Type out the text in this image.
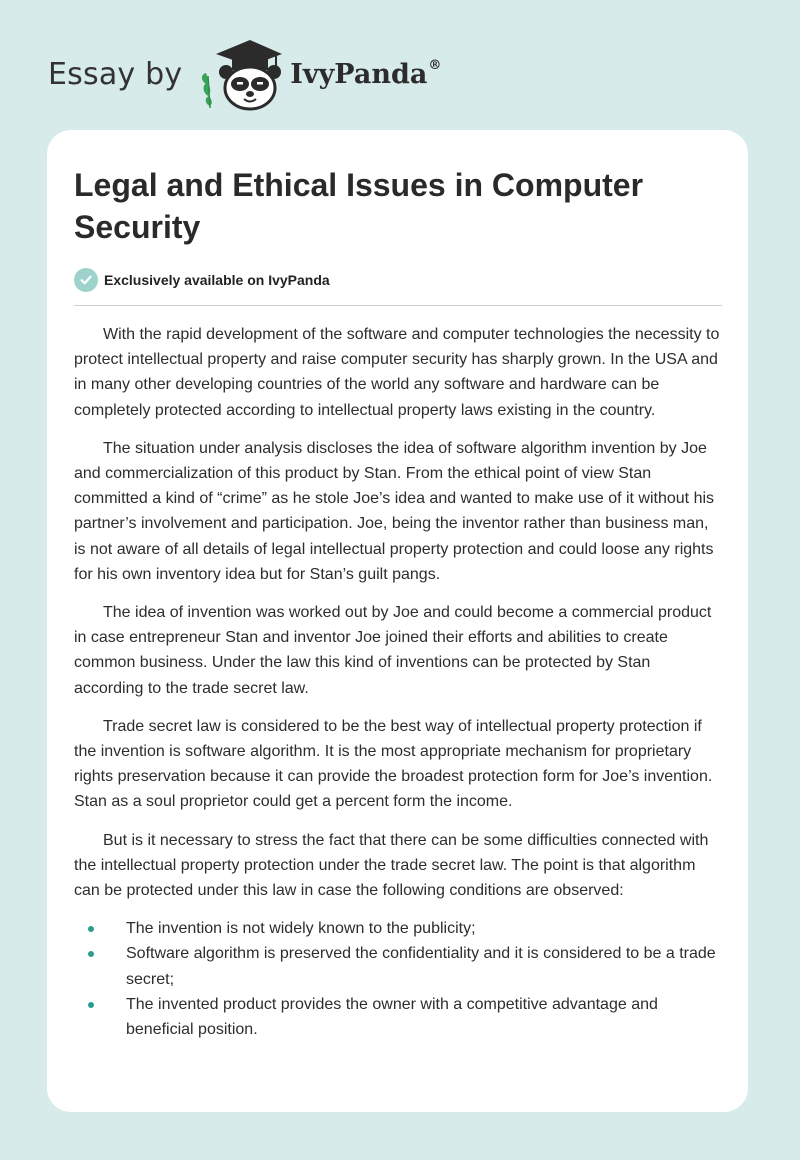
Essay by	IvyPanda®
Legal and Ethical Issues in Computer Security
Exclusively available on IvyPanda

With the rapid development of the software and computer technologies the necessity to protect intellectual property and raise computer security has sharply grown. In the USA and in many other developing countries of the world any software and hardware can be completely protected according to intellectual property laws existing in the country.

The situation under analysis discloses the idea of software algorithm invention by Joe and commercialization of this product by Stan. From the ethical point of view Stan committed a kind of “crime” as he stole Joe’s idea and wanted to make use of it without his partner’s involvement and participation. Joe, being the inventor rather than business man, is not aware of all details of legal intellectual property protection and could loose any rights for his own inventory idea but for Stan’s guilt pangs.

The idea of invention was worked out by Joe and could become a commercial product in case entrepreneur Stan and inventor Joe joined their efforts and abilities to create common business. Under the law this kind of inventions can be protected by Stan according to the trade secret law.

Trade secret law is considered to be the best way of intellectual property protection if the invention is software algorithm. It is the most appropriate mechanism for proprietary rights preservation because it can provide the broadest protection form for Joe’s invention. Stan as a soul proprietor could get a percent form the income.

But is it necessary to stress the fact that there can be some difficulties connected with the intellectual property protection under the trade secret law. The point is that algorithm can be protected under this law in case the following conditions are observed:

The invention is not widely known to the publicity;
Software algorithm is preserved the confidentiality and it is considered to be a trade secret;
The invented product provides the owner with a competitive advantage and beneficial position.
